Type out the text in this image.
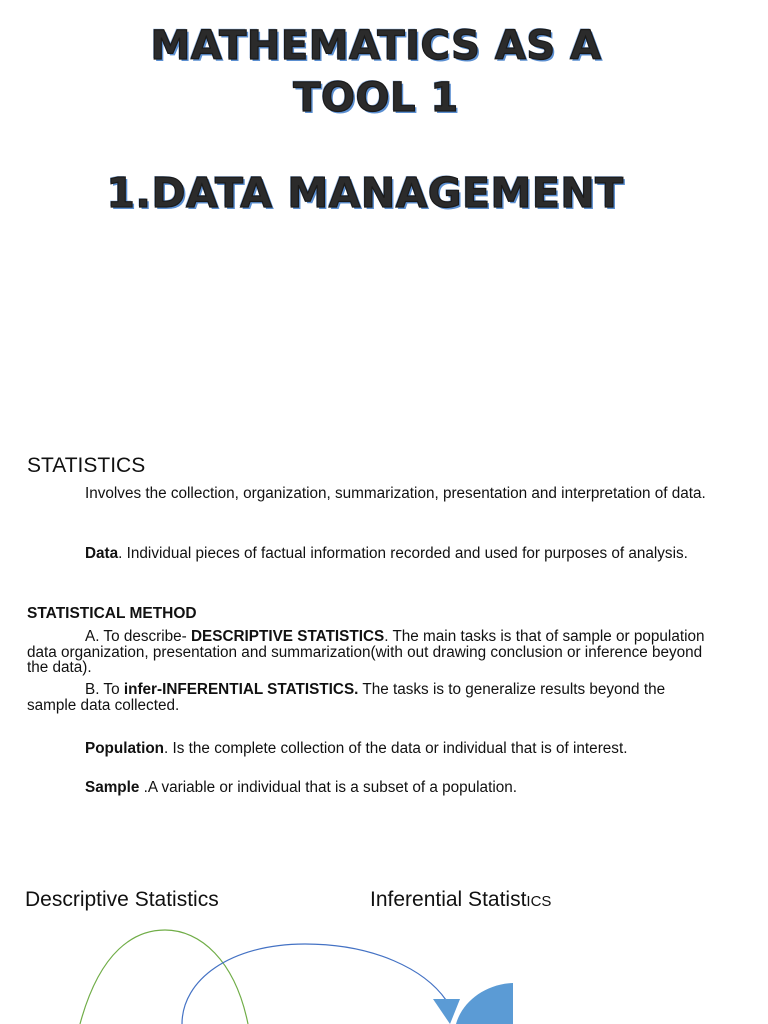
MATHEMATICS AS A
TOOL 1
1.DATA MANAGEMENT
STATISTICS
Involves the collection, organization, summarization, presentation and interpretation of data.
Data. Individual pieces of factual information recorded and used for purposes of analysis.
STATISTICAL METHOD
A. To describe- DESCRIPTIVE STATISTICS. The main tasks is that of sample or population data organization, presentation and summarization(with out drawing conclusion or inference beyond the data).
B. To infer-INFERENTIAL STATISTICS. The tasks is to generalize results beyond the sample data collected.
Population. Is the complete collection of the data or individual that is of interest.
Sample .A variable or individual that is a subset of a population.
Descriptive Statistics	Inferential StatistICS
